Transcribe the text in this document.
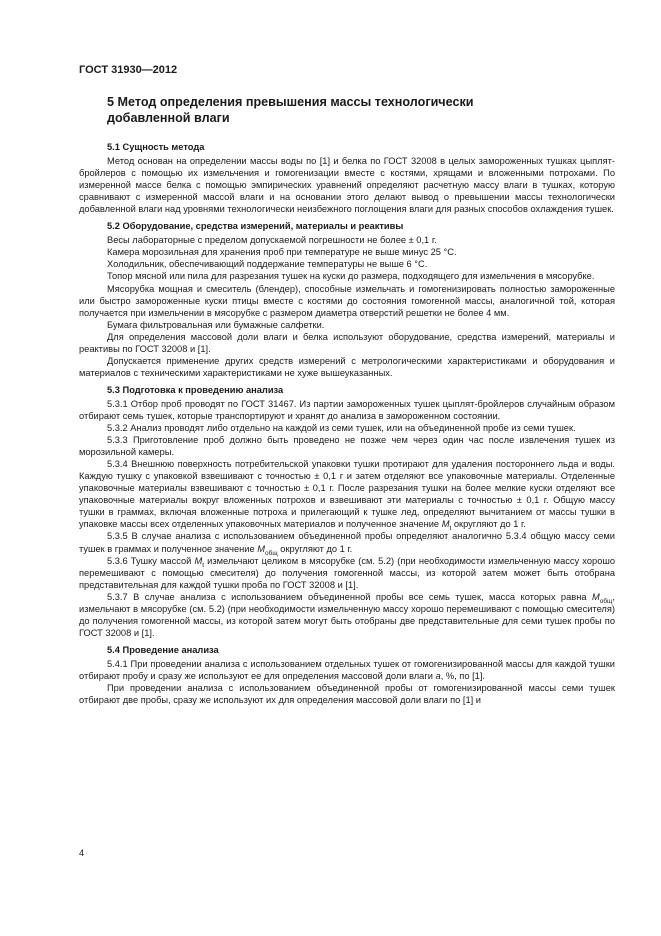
ГОСТ 31930—2012
5 Метод определения превышения массы технологически добавленной влаги
5.1 Сущность метода

Метод основан на определении массы воды по [1] и белка по ГОСТ 32008 в целых замороженных тушках цыплят-бройлеров с помощью их измельчения и гомогенизации вместе с костями, хрящами и вложенными потрохами. По измеренной массе белка с помощью эмпирических уравнений определяют расчетную массу влаги в тушках, которую сравнивают с измеренной массой влаги и на основании этого делают вывод о превышении массы технологически добавленной влаги над уровнями технологически неизбежного поглощения влаги для разных способов охлаждения тушек.

5.2 Оборудование, средства измерений, материалы и реактивы

Весы лабораторные с пределом допускаемой погрешности не более ± 0,1 г.

Камера морозильная для хранения проб при температуре не выше минус 25 °С.

Холодильник, обеспечивающий поддержание температуры не выше 6 °С.

Топор мясной или пила для разрезания тушек на куски до размера, подходящего для измельчения в мясорубке.

Мясорубка мощная и смеситель (блендер), способные измельчать и гомогенизировать полностью замороженные или быстро замороженные куски птицы вместе с костями до состояния гомогенной массы, аналогичной той, которая получается при измельчении в мясорубке с размером диаметра отверстий решетки не более 4 мм.

Бумага фильтровальная или бумажные салфетки.

Для определения массовой доли влаги и белка используют оборудование, средства измерений, материалы и реактивы по ГОСТ 32008 и [1].

Допускается применение других средств измерений с метрологическими характеристиками и оборудования и материалов с техническими характеристиками не хуже вышеуказанных.

5.3 Подготовка к проведению анализа

5.3.1 Отбор проб проводят по ГОСТ 31467. Из партии замороженных тушек цыплят-бройлеров случайным образом отбирают семь тушек, которые транспортируют и хранят до анализа в замороженном состоянии.

5.3.2 Анализ проводят либо отдельно на каждой из семи тушек, или на объединенной пробе из семи тушек.

5.3.3 Приготовление проб должно быть проведено не позже чем через один час после извлечения тушек из морозильной камеры.

5.3.4 Внешнюю поверхность потребительской упаковки тушки протирают для удаления постороннего льда и воды. Каждую тушку с упаковкой взвешивают с точностью ± 0,1 г и затем отделяют все упаковочные материалы. Отделенные упаковочные материалы взвешивают с точностью ± 0,1 г. После разрезания тушки на более мелкие куски отделяют все упаковочные материалы вокруг вложенных потрохов и взвешивают эти материалы с точностью ± 0,1 г. Общую массу тушки в граммах, включая вложенные потроха и прилегающий к тушке лед, определяют вычитанием от массы тушки в упаковке массы всех отделенных упаковочных материалов и полученное значение $M_t$ округляют до 1 г.

5.3.5 В случае анализа с использованием объединенной пробы определяют аналогично 5.3.4 общую массу семи тушек в граммах и полученное значение $M_{общ}$ округляют до 1 г.

5.3.6 Тушку массой $M_t$ измельчают целиком в мясорубке (см. 5.2) (при необходимости измельченную массу хорошо перемешивают с помощью смесителя) до получения гомогенной массы, из которой затем может быть отобрана представительная для каждой тушки проба по ГОСТ 32008 и [1].

5.3.7 В случае анализа с использованием объединенной пробы все семь тушек, масса которых равна $M_{общ}$, измельчают в мясорубке (см. 5.2) (при необходимости измельченную массу хорошо перемешивают с помощью смесителя) до получения гомогенной массы, из которой затем могут быть отобраны две представительные для семи тушек пробы по ГОСТ 32008 и [1].

5.4 Проведение анализа

5.4.1 При проведении анализа с использованием отдельных тушек от гомогенизированной массы для каждой тушки отбирают пробу и сразу же используют ее для определения массовой доли влаги a, %, по [1].

При проведении анализа с использованием объединенной пробы от гомогенизированной массы семи тушек отбирают две пробы, сразу же используют их для определения массовой доли влаги по [1] и

4
